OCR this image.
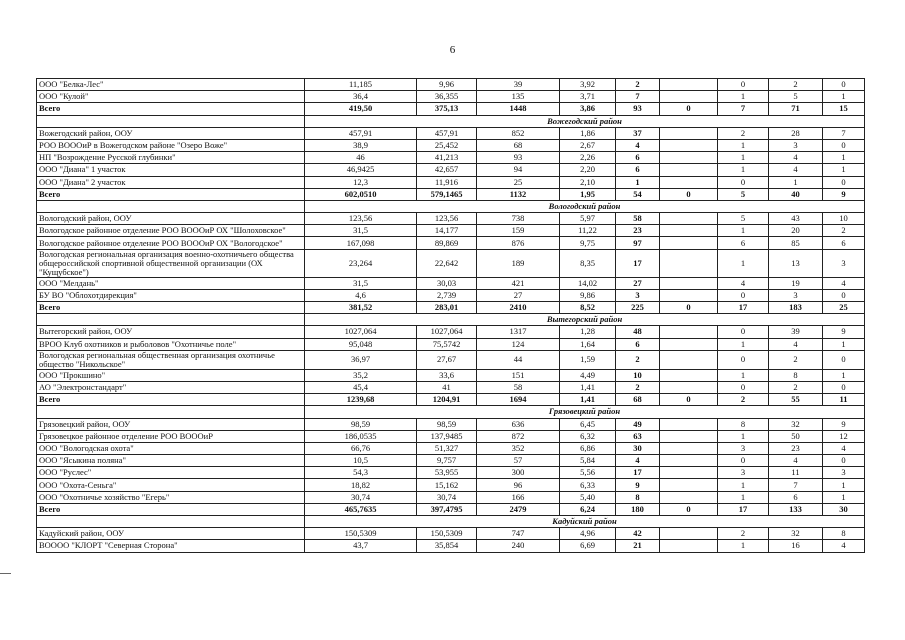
6
ООО "Белка-Лес"	11,185	9,96	39	3,92	2		0	2	0
ООО "Кулой"	36,4	36,355	135	3,71	7		1	5	1
Всего	419,50	375,13	1448	3,86	93	0	7	71	15
	Вожегодский район								
Вожегодский район, ООУ	457,91	457,91	852	1,86	37		2	28	7
РОО ВОООиР в Вожегодском районе "Озеро Воже"	38,9	25,452	68	2,67	4		1	3	0
НП "Возрождение Русской глубинки"	46	41,213	93	2,26	6		1	4	1
ООО "Диана" 1 участок	46,9425	42,657	94	2,20	6		1	4	1
ООО "Диана" 2 участок	12,3	11,916	25	2,10	1		0	1	0
Всего	602,0510	579,1465	1132	1,95	54	0	5	40	9
	Вологодский район								
Вологодский район, ООУ	123,56	123,56	738	5,97	58		5	43	10
Вологодское районное отделение РОО ВОООиР ОХ "Шолоховское"	31,5	14,177	159	11,22	23		1	20	2
Вологодское районное отделение РОО ВОООиР ОХ "Вологодское"	167,098	89,869	876	9,75	97		6	85	6
Вологодская региональная организация военно-охотничьего общества общероссийской спортивной общественной организации (ОХ "Кущубское")	23,264	22,642	189	8,35	17		1	13	3
ООО "Мелдань"	31,5	30,03	421	14,02	27		4	19	4
БУ ВО "Облохотдирекция"	4,6	2,739	27	9,86	3		0	3	0
Всего	381,52	283,01	2410	8,52	225	0	17	183	25
	Вытегорский район								
Вытегорский район, ООУ	1027,064	1027,064	1317	1,28	48		0	39	9
ВРОО Клуб охотников и рыболовов "Охотничье поле"	95,048	75,5742	124	1,64	6		1	4	1
Вологодская региональная общественная организация охотничье общество "Никольское"	36,97	27,67	44	1,59	2		0	2	0
ООО "Прокшино"	35,2	33,6	151	4,49	10		1	8	1
АО "Электронстандарт"	45,4	41	58	1,41	2		0	2	0
Всего	1239,68	1204,91	1694	1,41	68	0	2	55	11
	Грязовецкий район								
Грязовецкий район, ООУ	98,59	98,59	636	6,45	49		8	32	9
Грязовецкое районное отделение РОО ВОООиР	186,0535	137,9485	872	6,32	63		1	50	12
ООО "Вологодская охота"	66,76	51,327	352	6,86	30		3	23	4
ООО "Ясыкина поляна"	10,5	9,757	57	5,84	4		0	4	0
ООО "Руслес"	54,3	53,955	300	5,56	17		3	11	3
ООО "Охота-Сеньга"	18,82	15,162	96	6,33	9		1	7	1
ООО "Охотничье хозяйство "Егерь"	30,74	30,74	166	5,40	8		1	6	1
Всего	465,7635	397,4795	2479	6,24	180	0	17	133	30
	Кадуйский район								
Кадуйский район, ООУ	150,5309	150,5309	747	4,96	42		2	32	8
ВОООО "КЛОРТ "Северная Сторона"	43,7	35,854	240	6,69	21		1	16	4
